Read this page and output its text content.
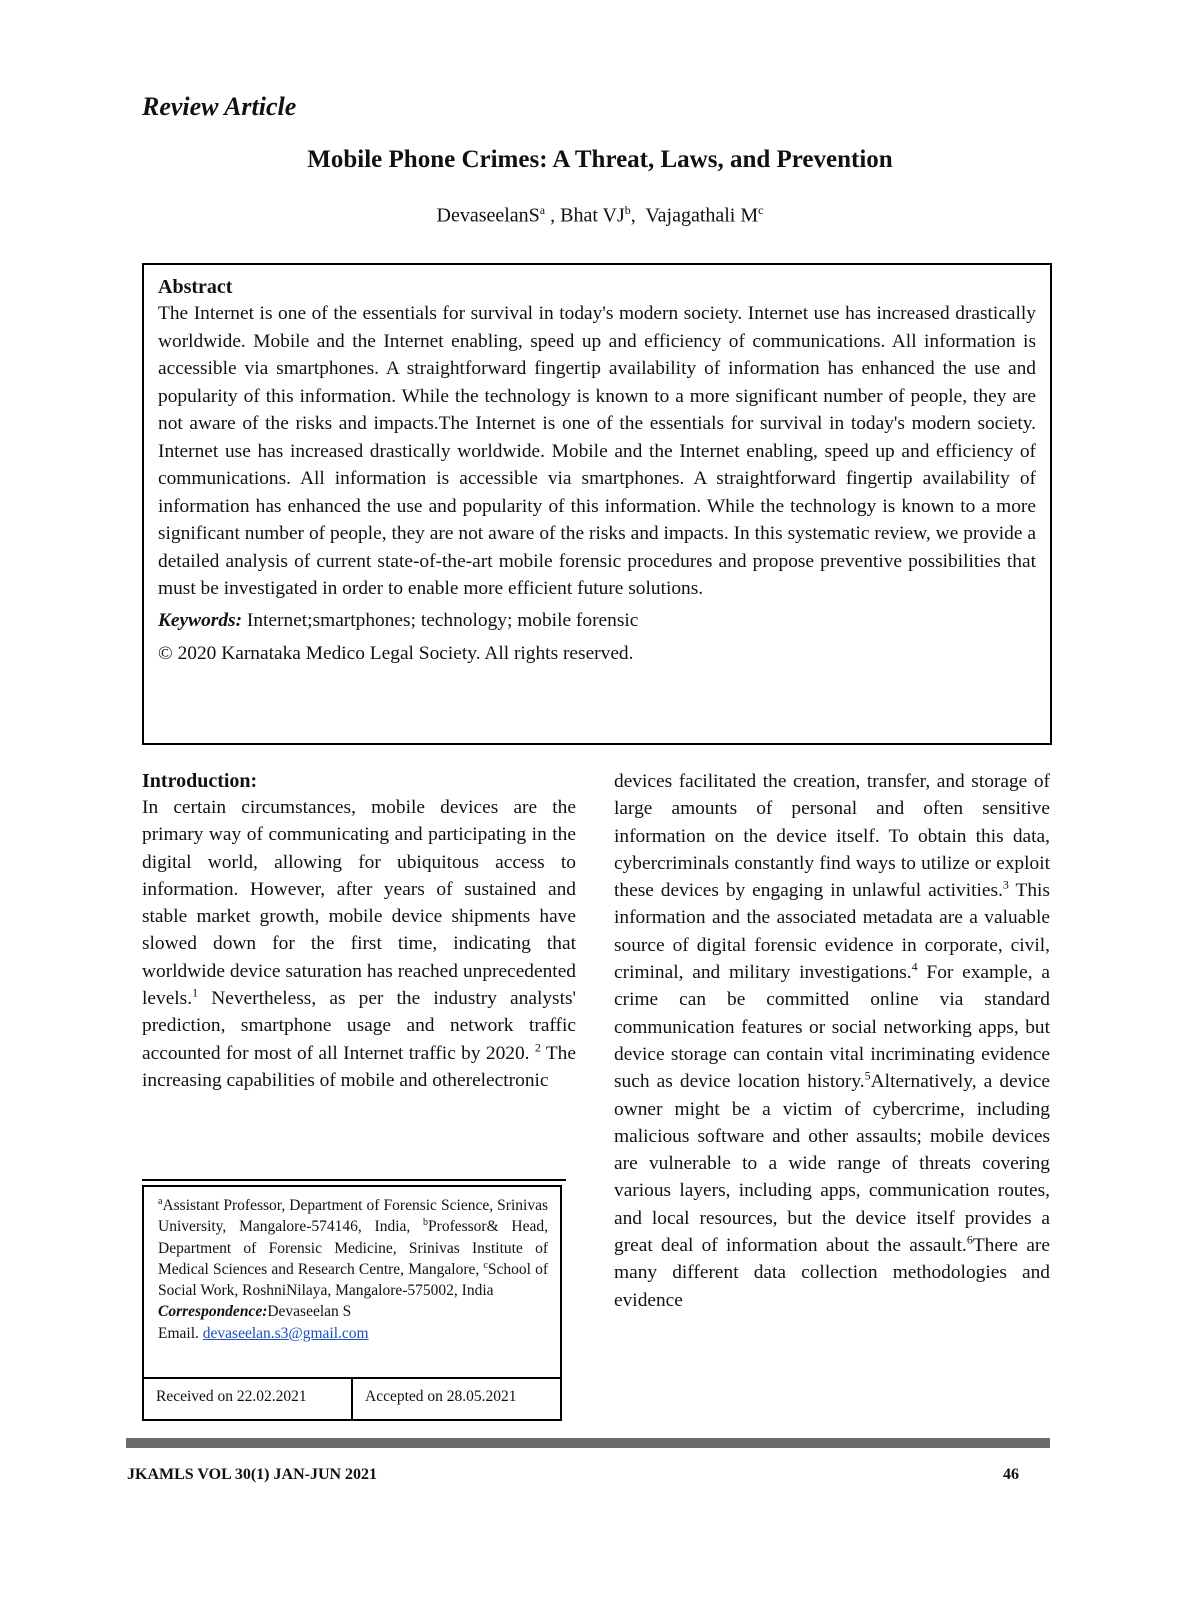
Review Article
Mobile Phone Crimes: A Threat, Laws, and Prevention
DevaseelanS$^a$ , Bhat $VJ^b$,  Vajagathali $M^c$
Abstract

The Internet is one of the essentials for survival in today's modern society. Internet use has increased drastically worldwide. Mobile and the Internet enabling, speed up and efficiency of communications. All information is accessible via smartphones. A straightforward fingertip availability of information has enhanced the use and popularity of this information. While the technology is known to a more significant number of people, they are not aware of the risks and impacts.The Internet is one of the essentials for survival in today's modern society. Internet use has increased drastically worldwide. Mobile and the Internet enabling, speed up and efficiency of communications. All information is accessible via smartphones. A straightforward fingertip availability of information has enhanced the use and popularity of this information. While the technology is known to a more significant number of people, they are not aware of the risks and impacts. In this systematic review, we provide a detailed analysis of current state-of-the-art mobile forensic procedures and propose preventive possibilities that must be investigated in order to enable more efficient future solutions.

Keywords: Internet;smartphones; technology; mobile forensic
© 2020 Karnataka Medico Legal Society. All rights reserved.
Introduction:

In certain circumstances, mobile devices are the primary way of communicating and participating in the digital world, allowing for ubiquitous access to information. However, after years of sustained and stable market growth, mobile device shipments have slowed down for the first time, indicating that worldwide device saturation has reached unprecedented levels.$^1$ Nevertheless, as per the industry analysts' prediction, smartphone usage and network traffic accounted for most of all Internet traffic by 2020. $^2$ The increasing capabilities of mobile and otherelectronic

$^a$Assistant Professor, Department of Forensic Science, Srinivas University, Mangalore-574146, India, $^b$Professor& Head, Department of Forensic Medicine, Srinivas Institute of Medical Sciences and Research Centre, Mangalore, $^c$School of Social Work, RoshniNilaya, Mangalore-575002, India
Correspondence:Devaseelan S
Email. devaseelan.s3@gmail.com
Received on 22.02.2021	Accepted on 28.05.2021

devices facilitated the creation, transfer, and storage of large amounts of personal and often sensitive information on the device itself. To obtain this data, cybercriminals constantly find ways to utilize or exploit these devices by engaging in unlawful activities.$^3$ This information and the associated metadata are a valuable source of digital forensic evidence in corporate, civil, criminal, and military investigations.$^4$ For example, a crime can be committed online via standard communication features or social networking apps, but device storage can contain vital incriminating evidence such as device location history.$^5$Alternatively, a device owner might be a victim of cybercrime, including malicious software and other assaults; mobile devices are vulnerable to a wide range of threats covering various layers, including apps, communication routes, and local resources, but the device itself provides a great deal of information about the assault.$^6$There are many different data collection methodologies and evidence

JKAMLS VOL 30(1) JAN-JUN 2021	46
